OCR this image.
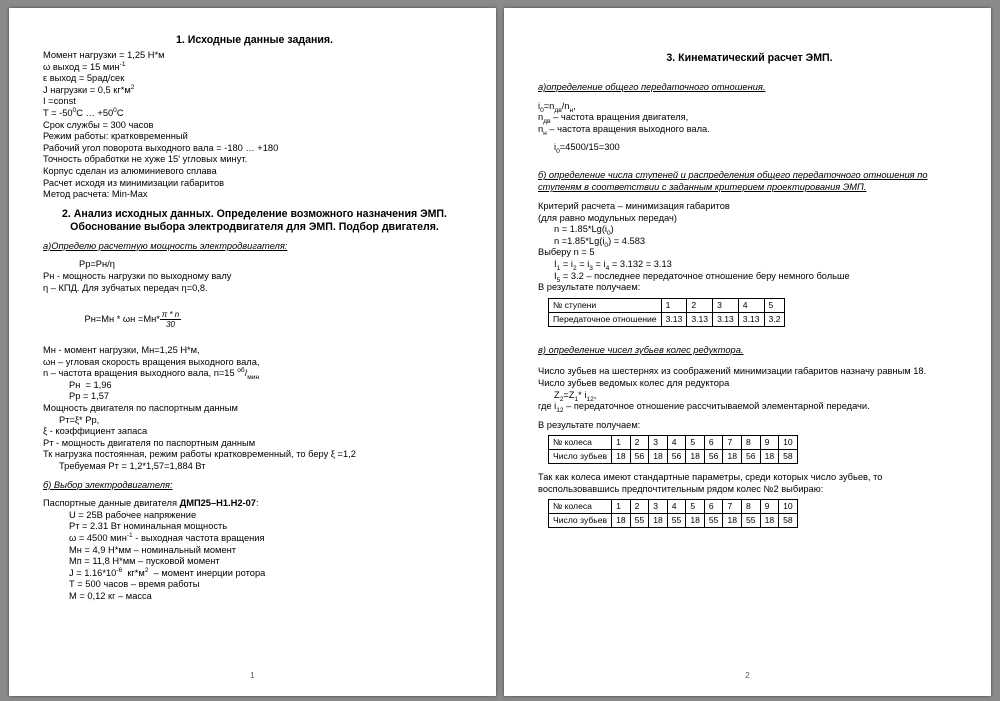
1. Исходные данные задания.

Момент нагрузки = 1,25 Н*м

ω выход = 15 мин$^{-1}$

ε выход = 5рад/сек

J нагрузки = 0,5 $кг*м^2$

I =const

$T = -50^0С$ … $+50^0С$

Срок службы = 300 часов

Режим работы: кратковременный

Рабочий угол поворота выходного вала = -180 … +180

Точность обработки не хуже 15' угловых минут.

Корпус сделан из алюминиевого сплава

Расчет исходя из минимизации габаритов

Метод расчета: Min-Max

2. Анализ исходных данных. Определение возможного назначения ЭМП. Обоснование выбора электродвигателя для ЭМП. Подбор двигателя.
а)Определю расчетную мощность электродвигателя:

Рр=Рн/η

Рн - мощность нагрузки по выходному валу

η – КПД. Для зубчатых передач η=0,8.

$Рн=Мн * \omega н =Мн* \frac{\pi * n}{30}$

Мн - момент нагрузки, Мн=1,25 Н*м,

ωн – угловая скорость вращения выходного вала,

n – частота вращения выходного вала, n=15 $^{об}/_{мин}$

Рн  = 1,96

Рр = 1,57

Мощность двигателя по паспортным данным

Рт=ξ* Рр,

ξ - коэффициент запаса

Рт - мощность двигателя по паспортным данным

Тк нагрузка постоянная, режим работы кратковременный, то беру ξ =1,2

Требуемая Рт = 1,2*1,57=1,884 Вт

б) Выбор электродвигателя:

Паспортные данные двигателя ДМП25–Н1.Н2-07:

U = 25В рабочее напряжение

Рт = 2.31 Вт номинальная мощность

ω = 4500 мин$^{-1}$ - выходная частота вращения

Мн = 4,9 Н*мм – номинальный момент

Мп = 11,8 Н*мм – пусковой момент

$J = 1.16*10^{-6}$  $кг*м^2$  – момент инерции ротора

Т = 500 часов – время работы

M = 0,12 кг – масса

1
3. Кинематический расчет ЭМП.
а)определение общего передаточного отношения.

$i_0=n_{дв}/n_н$,

$n_{дв}$ – частота вращения двигателя,

$n_н$ – частота вращения выходного вала.

$i_0=4500/15=300$

б) определение числа ступеней и распределения общего передаточного отношения по ступеням в соответствии с заданным критерием проектирования ЭМП.

Критерий расчета – минимизация габаритов

(для равно модульных передач)

$n = 1.85*Lg(i_0)$

$n =1.85*Lg(i_0) = 4.583$

Выберу n = 5

$I_1 = i_2 = i_3 = i_4 = 3.132 = 3.13$

$I_5 = 3.2$ – последнее передаточное отношение беру немного больше

В результате получаем:

№ ступени	1	2	3	4	5
Передаточное отношение	3.13	3.13	3.13	3.13	3.2
в) определение чисел зубьев колес редуктора.

Число зубьев на шестернях из соображений минимизации габаритов назначу равным 18.

Число зубьев ведомых колес для редуктора

$Z_2=Z_1*$ $i_{12}$,

где $i_{12}$ – передаточное отношение рассчитываемой элементарной передачи.

В результате получаем:

№ колеса	1	2	3	4	5	6	7	8	9	10
Число зубьев	18	56	18	56	18	56	18	56	18	58

Так как колеса имеют стандартные параметры, среди которых число зубьев, то воспользовавшись предпочтительным рядом колес №2 выбираю:

№ колеса	1	2	3	4	5	6	7	8	9	10
Число зубьев	18	55	18	55	18	55	18	55	18	58
2
